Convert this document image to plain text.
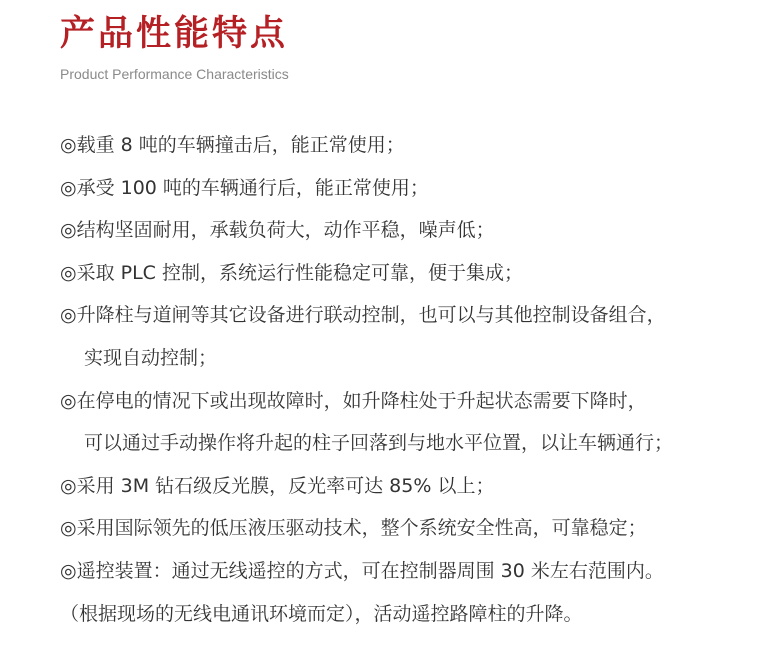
产品性能特点
Product Performance Characteristics
◎载重 8 吨的车辆撞击后，能正常使用；
◎承受 100 吨的车辆通行后，能正常使用；
◎结构坚固耐用，承载负荷大，动作平稳，噪声低；
◎采取 PLC 控制，系统运行性能稳定可靠，便于集成；
◎升降柱与道闸等其它设备进行联动控制，也可以与其他控制设备组合，
实现自动控制；
◎在停电的情况下或出现故障时，如升降柱处于升起状态需要下降时，
可以通过手动操作将升起的柱子回落到与地水平位置，以让车辆通行；
◎采用 3M 钻石级反光膜，反光率可达 85% 以上；
◎采用国际领先的低压液压驱动技术，整个系统安全性高，可靠稳定；
◎遥控装置：通过无线遥控的方式，可在控制器周围 30 米左右范围内。
（根据现场的无线电通讯环境而定），活动遥控路障柱的升降。
